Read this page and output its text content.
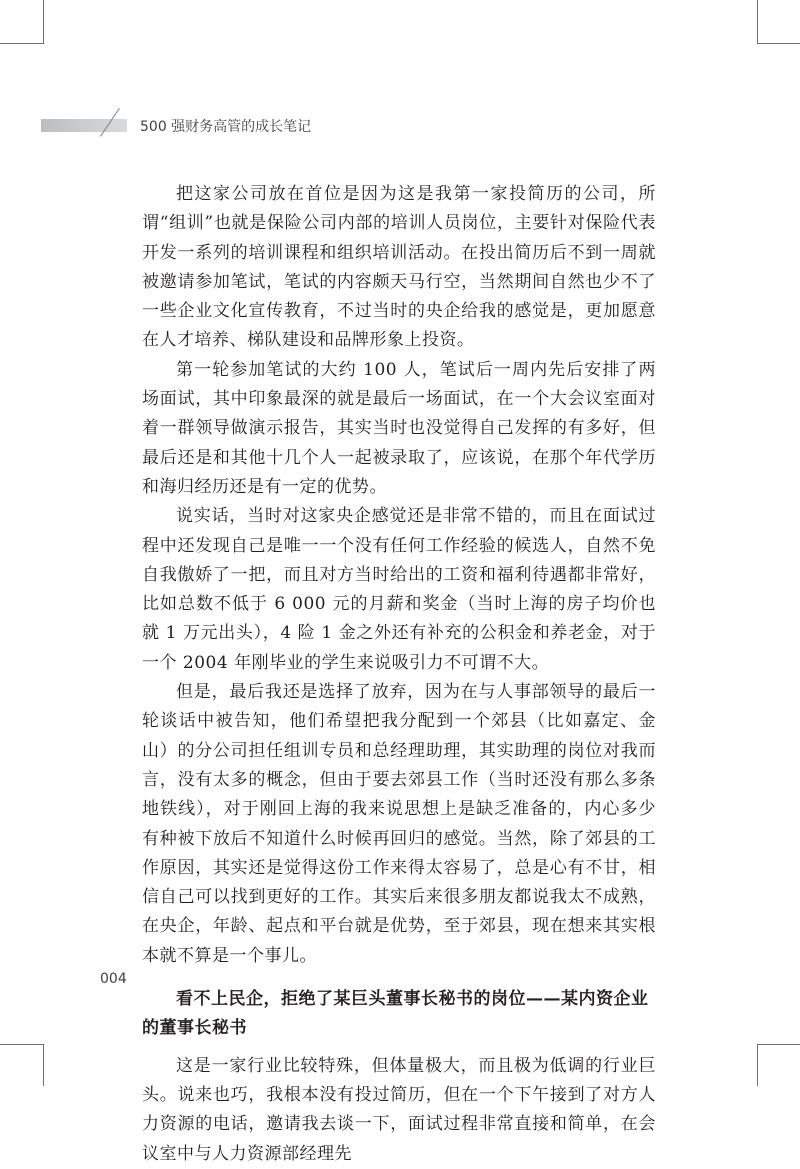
500 强财务高管的成长笔记

把这家公司放在首位是因为这是我第一家投简历的公司，所谓“组训”也就是保险公司内部的培训人员岗位，主要针对保险代表开发一系列的培训课程和组织培训活动。在投出简历后不到一周就被邀请参加笔试，笔试的内容颇天马行空，当然期间自然也少不了一些企业文化宣传教育，不过当时的央企给我的感觉是，更加愿意在人才培养、梯队建设和品牌形象上投资。

第一轮参加笔试的大约 100 人，笔试后一周内先后安排了两场面试，其中印象最深的就是最后一场面试，在一个大会议室面对着一群领导做演示报告，其实当时也没觉得自己发挥的有多好，但最后还是和其他十几个人一起被录取了，应该说，在那个年代学历和海归经历还是有一定的优势。

说实话，当时对这家央企感觉还是非常不错的，而且在面试过程中还发现自己是唯一一个没有任何工作经验的候选人，自然不免自我傲娇了一把，而且对方当时给出的工资和福利待遇都非常好，比如总数不低于 6 000 元的月薪和奖金（当时上海的房子均价也就 1 万元出头），4 险 1 金之外还有补充的公积金和养老金，对于一个 2004 年刚毕业的学生来说吸引力不可谓不大。

但是，最后我还是选择了放弃，因为在与人事部领导的最后一轮谈话中被告知，他们希望把我分配到一个郊县（比如嘉定、金山）的分公司担任组训专员和总经理助理，其实助理的岗位对我而言，没有太多的概念，但由于要去郊县工作（当时还没有那么多条地铁线），对于刚回上海的我来说思想上是缺乏准备的，内心多少有种被下放后不知道什么时候再回归的感觉。当然，除了郊县的工作原因，其实还是觉得这份工作来得太容易了，总是心有不甘，相信自己可以找到更好的工作。其实后来很多朋友都说我太不成熟，在央企，年龄、起点和平台就是优势，至于郊县，现在想来其实根本就不算是一个事儿。

看不上民企，拒绝了某巨头董事长秘书的岗位——某内资企业的董事长秘书

这是一家行业比较特殊，但体量极大，而且极为低调的行业巨头。说来也巧，我根本没有投过简历，但在一个下午接到了对方人力资源的电话，邀请我去谈一下，面试过程非常直接和简单，在会议室中与人力资源部经理先

004
